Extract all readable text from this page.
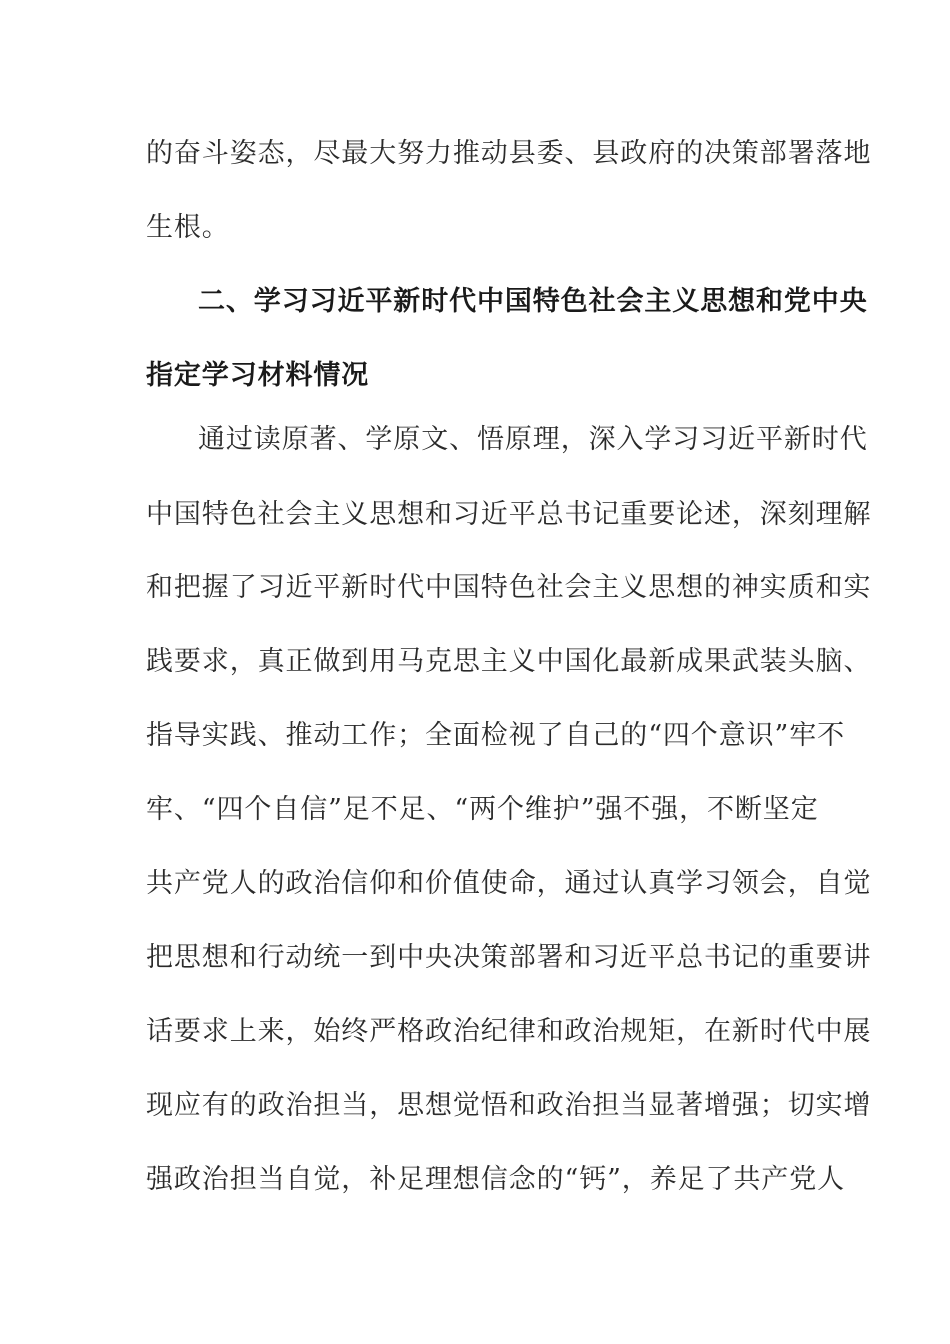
的奋斗姿态，尽最大努力推动县委、县政府的决策部署落地
生根。
二、学习习近平新时代中国特色社会主义思想和党中央
指定学习材料情况
通过读原著、学原文、悟原理，深入学习习近平新时代
中国特色社会主义思想和习近平总书记重要论述，深刻理解
和把握了习近平新时代中国特色社会主义思想的神实质和实
践要求，真正做到用马克思主义中国化最新成果武装头脑、
指导实践、推动工作；全面检视了自己的“四个意识”牢不
牢、“四个自信”足不足、“两个维护”强不强，不断坚定
共产党人的政治信仰和价值使命，通过认真学习领会，自觉
把思想和行动统一到中央决策部署和习近平总书记的重要讲
话要求上来，始终严格政治纪律和政治规矩，在新时代中展
现应有的政治担当，思想觉悟和政治担当显著增强；切实增
强政治担当自觉，补足理想信念的“钙”，养足了共产党人
